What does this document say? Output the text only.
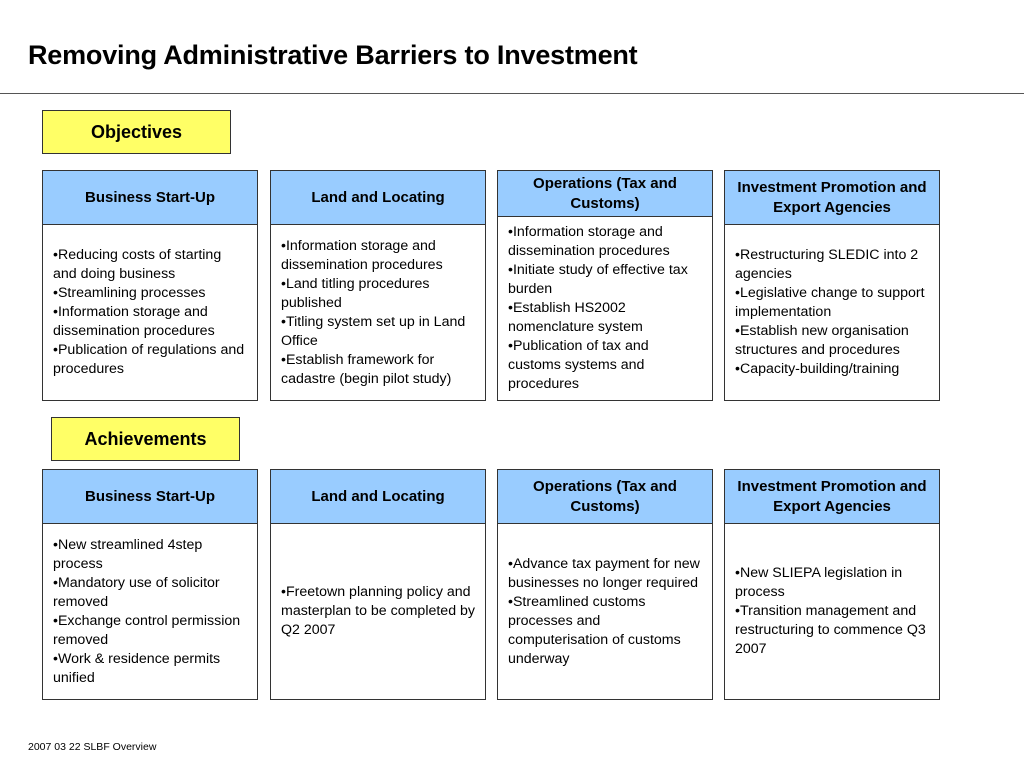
Removing Administrative Barriers to Investment
Objectives
Business Start-Up
• Reducing costs of starting and doing business
• Streamlining processes
• Information storage and dissemination procedures
• Publication of regulations and procedures
Land and Locating
• Information storage and dissemination procedures
• Land titling procedures published
• Titling system set up in Land Office
• Establish framework for cadastre (begin pilot study)
Operations (Tax and Customs)
• Information storage and dissemination procedures
• Initiate study of effective tax burden
• Establish HS2002 nomenclature system
• Publication of tax and customs systems and procedures
Investment Promotion and Export Agencies
• Restructuring SLEDIC into 2 agencies
• Legislative change to support implementation
• Establish new organisation structures and procedures
• Capacity-building/training
Achievements
Business Start-Up
• New streamlined 4step process
• Mandatory use of solicitor removed
• Exchange control permission removed
• Work & residence permits unified
Land and Locating
• Freetown planning policy and masterplan to be completed by Q2 2007
Operations (Tax and Customs)
• Advance tax payment for new businesses no longer required
• Streamlined customs processes and computerisation of customs underway
Investment Promotion and Export Agencies
• New SLIEPA legislation in process
• Transition management and restructuring to commence Q3 2007
2007 03 22 SLBF Overview
